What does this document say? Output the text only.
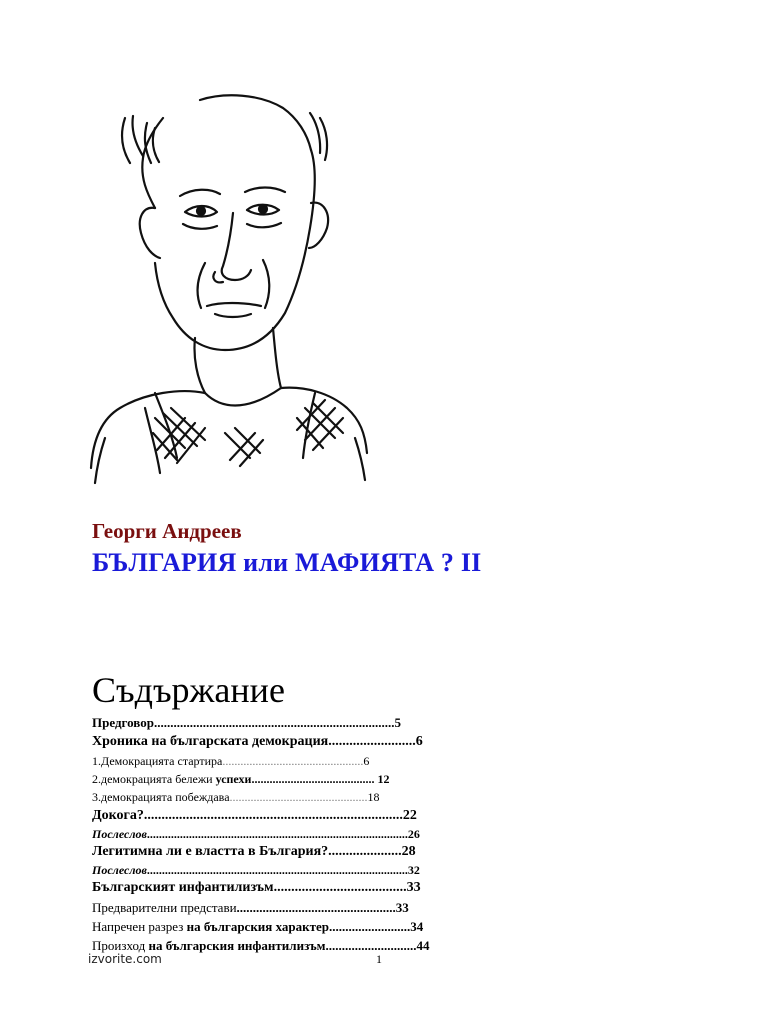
Георги Андреев
БЪЛГАРИЯ или МАФИЯТА ? II
Съдържание
Предговор..........................................................................5
Хроника на българската демокрация.........................6
1.Демокрацията стартира...............................................6
2.демокрацията бележи успехи......................................... 12
3.демокрацията побеждава..............................................18
Докога?..........................................................................22
Послеслов.......................................................................................26
Легитимна ли е властта в България?.....................28
Послеслов.......................................................................................32
Българският инфантилизъм......................................33
Предварителни представи.................................................33
Напречен разрез на българския характер.........................34
Произход на българския инфантилизъм............................44
izvorite.com	1
